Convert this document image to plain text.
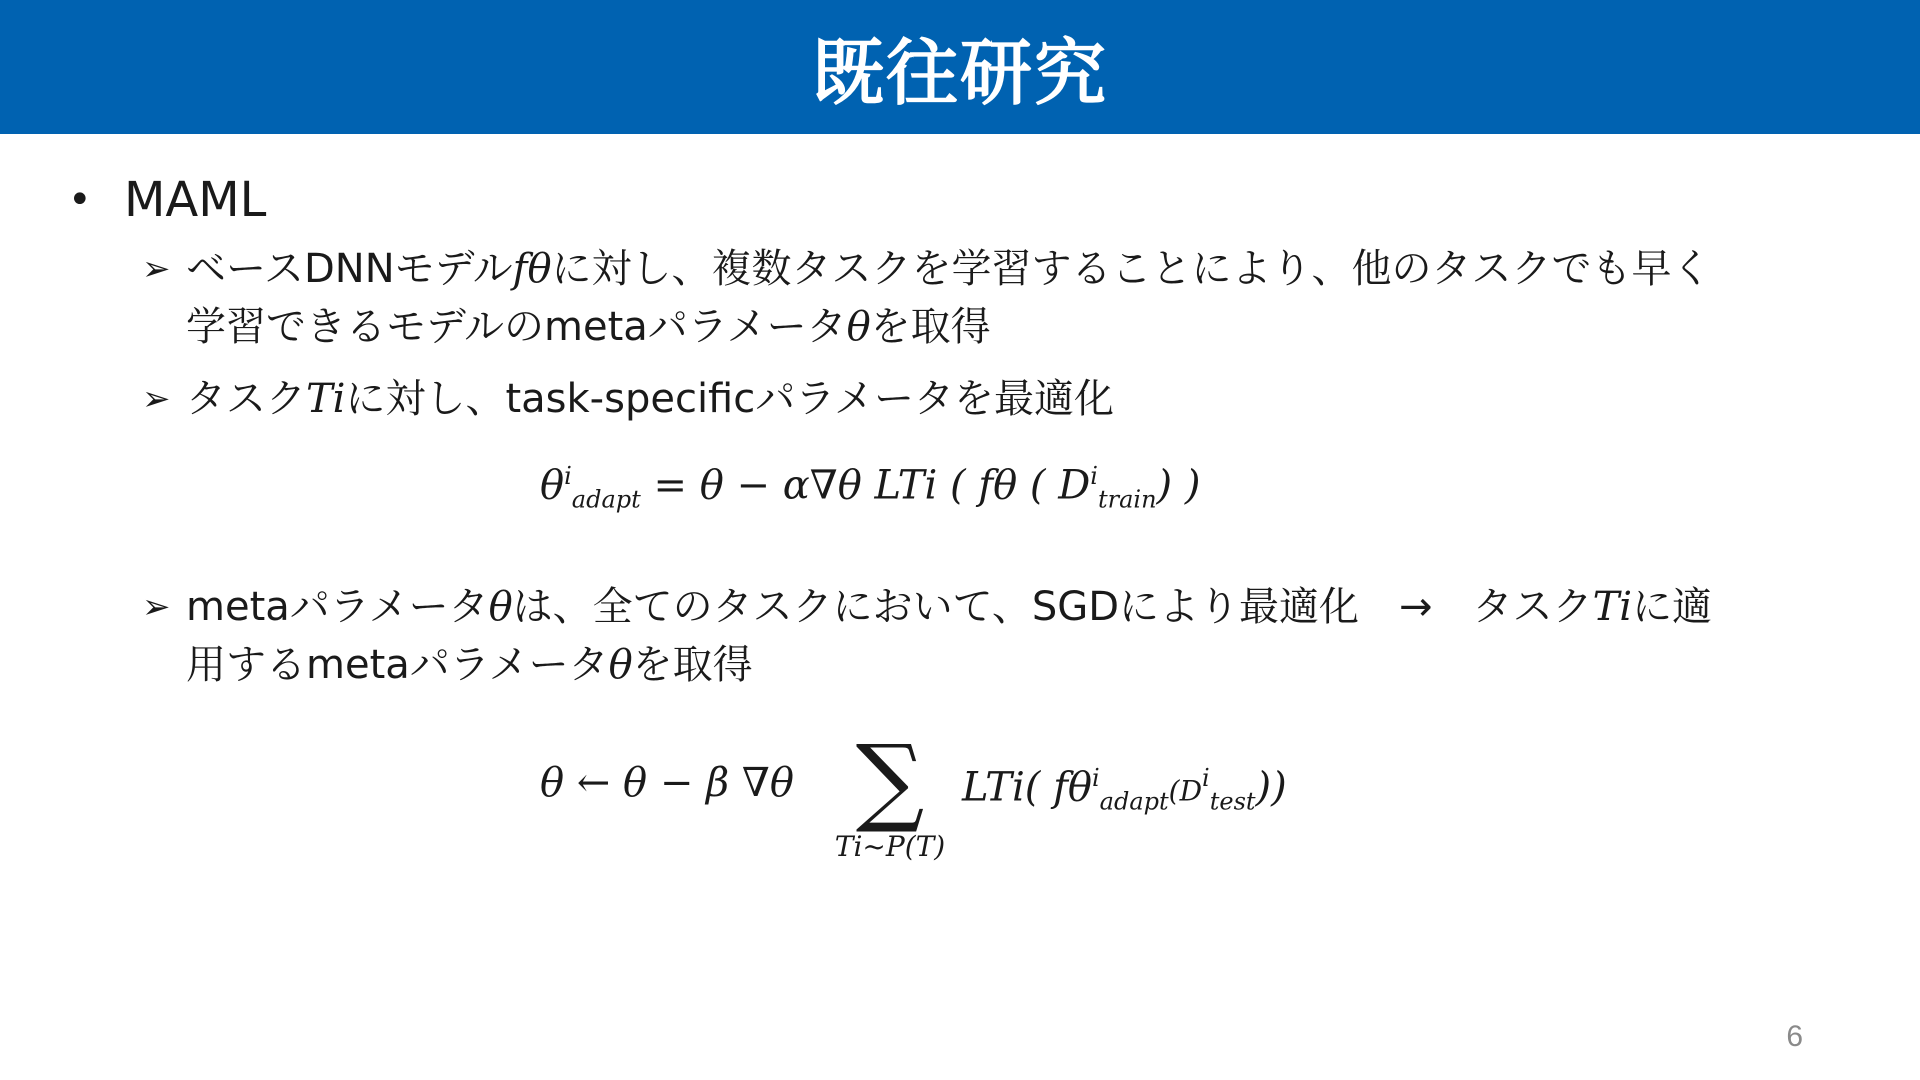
既往研究
• MAML
➢ ベースDNNモデルfθに対し、複数タスクを学習することにより、他のタスクでも早く
学習できるモデルのmetaパラメータθを取得
➢ タスクTiに対し、task-specificパラメータを最適化
$\theta^i_{adapt} = \theta - \alpha\nabla\theta$ LTi ( fθ ( $D^i_{train}$) )
➢ metaパラメータθは、全てのタスクにおいて、SGDにより最適化　→　タスクTiに適
用するmetaパラメータθを取得
θ ← θ − β ∇θ ∑
Ti~P(T)
LTi( $f\theta^i_{adapt}(D^i_{test})$)
6
